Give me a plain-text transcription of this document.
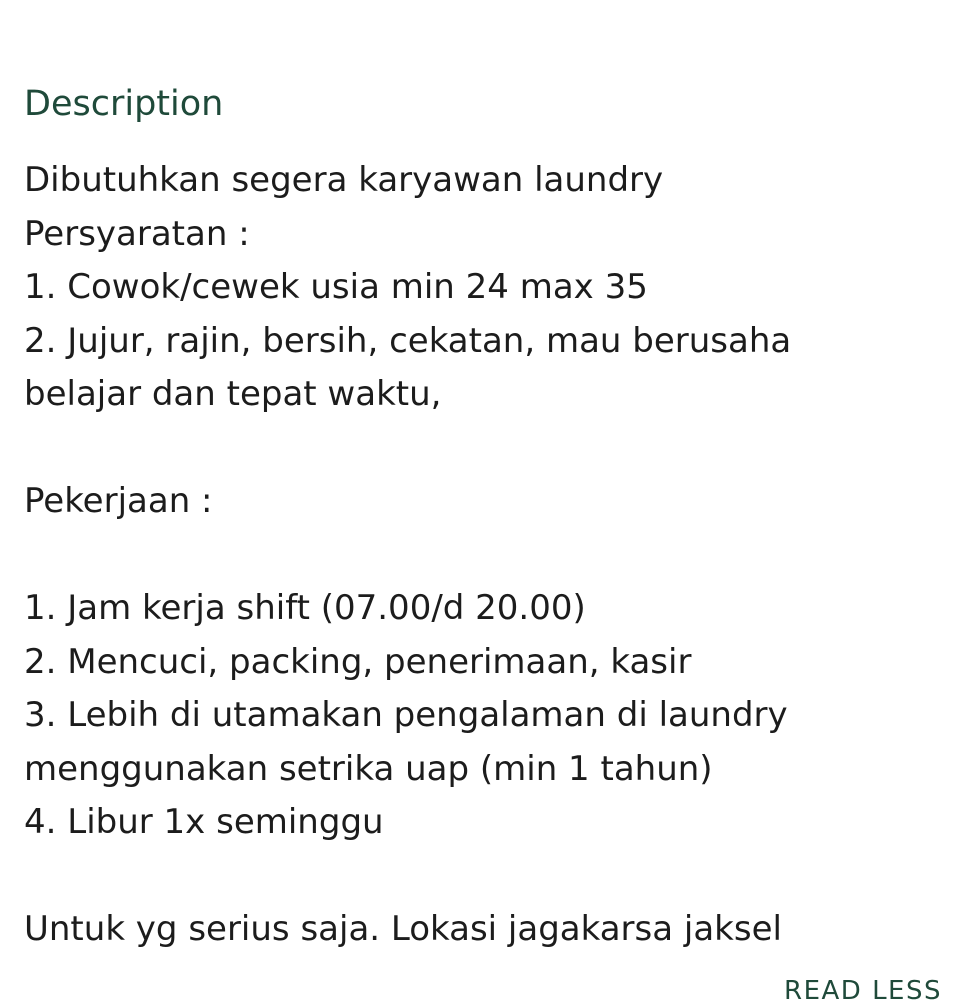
Description
Dibutuhkan segera karyawan laundry
Persyaratan :
1. Cowok/cewek usia min 24 max 35
2. Jujur, rajin, bersih, cekatan, mau berusaha
belajar dan tepat waktu,
Pekerjaan :
1. Jam kerja shift (07.00/d 20.00)
2. Mencuci, packing, penerimaan, kasir
3. Lebih di utamakan pengalaman di laundry
menggunakan setrika uap (min 1 tahun)
4. Libur 1x seminggu
Untuk yg serius saja. Lokasi jagakarsa jaksel
READ LESS
